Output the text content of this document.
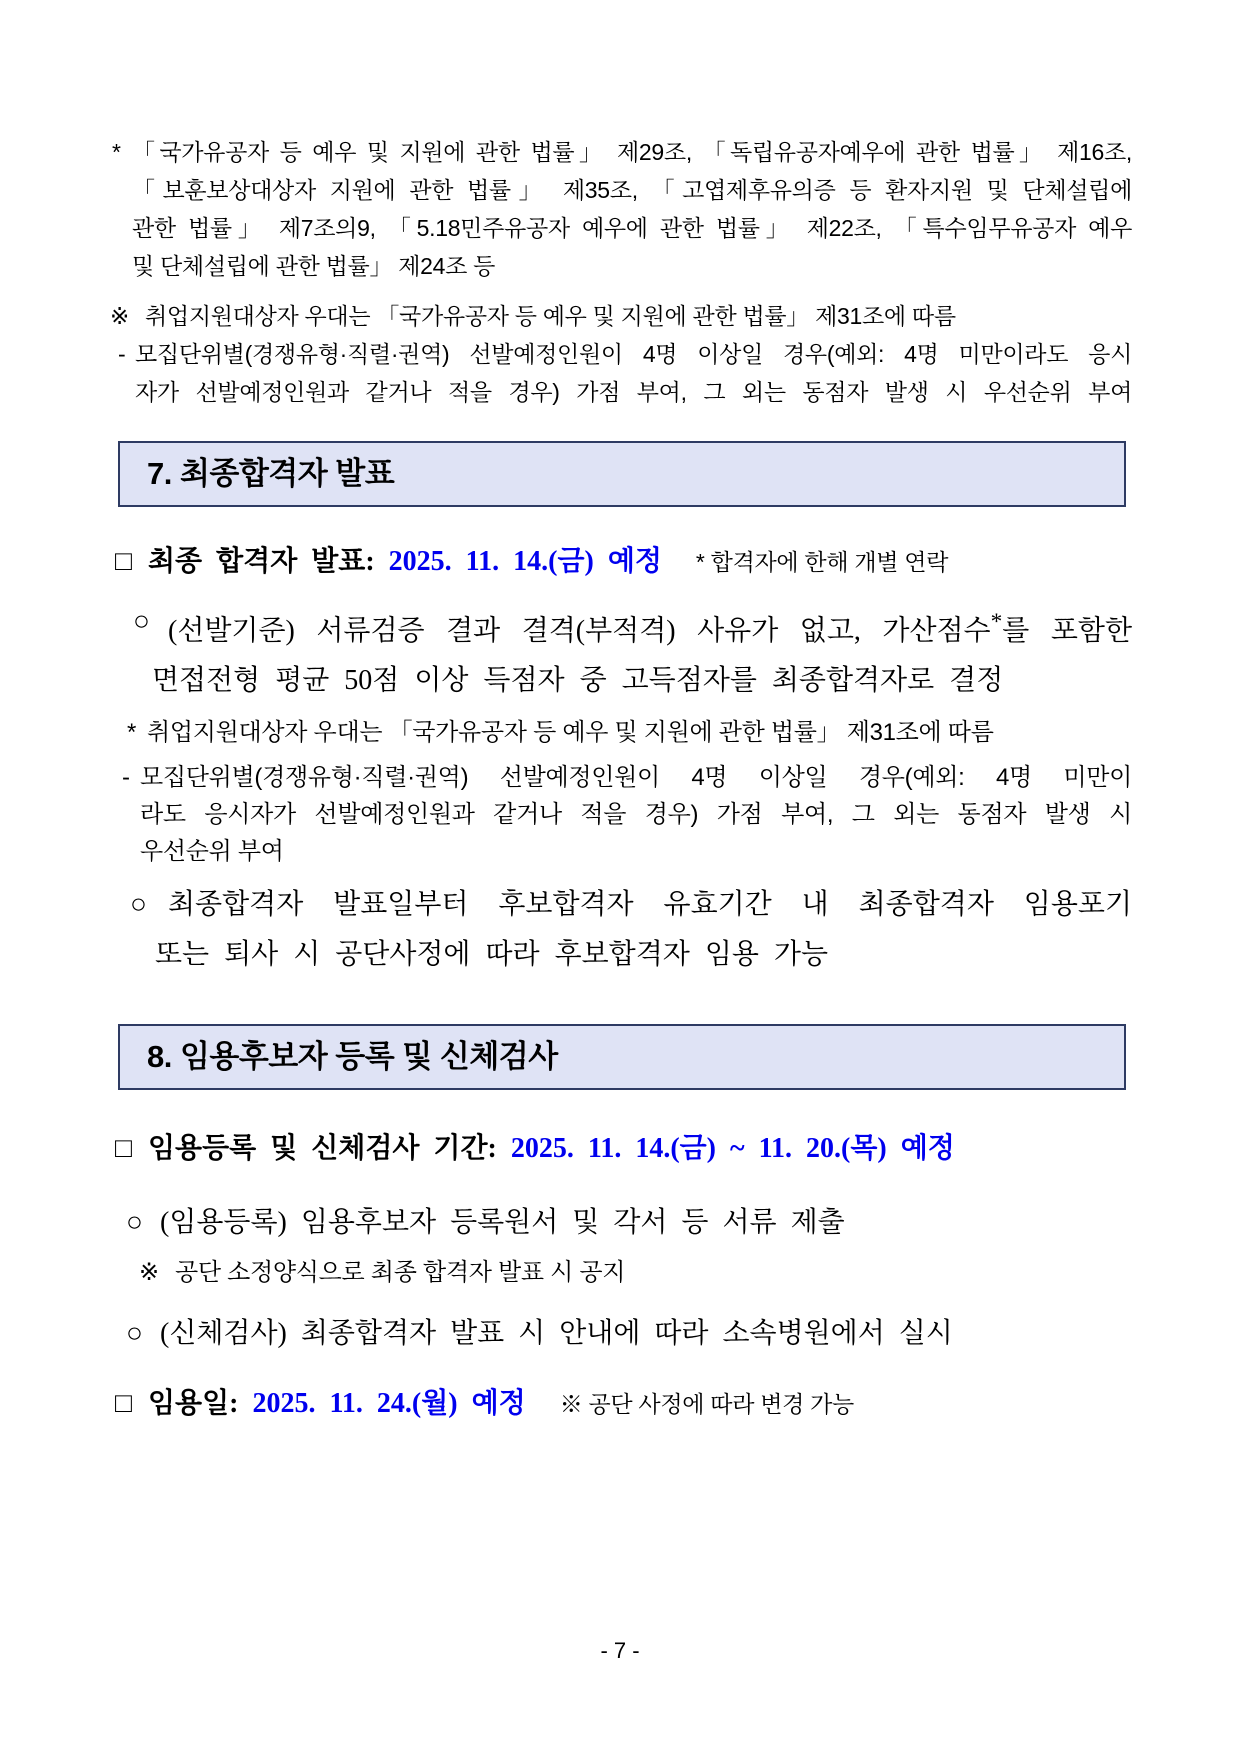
* 「국가유공자 등 예우 및 지원에 관한 법률」 제29조, 「독립유공자예우에 관한 법률」 제16조,
「보훈보상대상자 지원에 관한 법률」 제35조, 「고엽제후유의증 등 환자지원 및 단체설립에
관한 법률」 제7조의9, 「5.18민주유공자 예우에 관한 법률」 제22조, 「특수임무유공자 예우
및 단체설립에 관한 법률」 제24조 등
※ 취업지원대상자 우대는 「국가유공자 등 예우 및 지원에 관한 법률」 제31조에 따름
- 모집단위별(경쟁유형·직렬·권역) 선발예정인원이 4명 이상일 경우(예외: 4명 미만이라도 응시
자가 선발예정인원과 같거나 적을 경우) 가점 부여, 그 외는 동점자 발생 시 우선순위 부여
7. 최종합격자 발표
□ 최종 합격자 발표: 2025. 11. 14.(금) 예정 * 합격자에 한해 개별 연락
○ (선발기준) 서류검증 결과 결격(부적격) 사유가 없고, 가산점수*를 포함한
면접전형 평균 50점 이상 득점자 중 고득점자를 최종합격자로 결정
* 취업지원대상자 우대는 「국가유공자 등 예우 및 지원에 관한 법률」 제31조에 따름
- 모집단위별(경쟁유형·직렬·권역) 선발예정인원이 4명 이상일 경우(예외: 4명 미만이
라도 응시자가 선발예정인원과 같거나 적을 경우) 가점 부여, 그 외는 동점자 발생 시
우선순위 부여
○ 최종합격자 발표일부터 후보합격자 유효기간 내 최종합격자 임용포기
또는 퇴사 시 공단사정에 따라 후보합격자 임용 가능
8. 임용후보자 등록 및 신체검사
□ 임용등록 및 신체검사 기간: 2025. 11. 14.(금) ~ 11. 20.(목) 예정
○ (임용등록) 임용후보자 등록원서 및 각서 등 서류 제출
※ 공단 소정양식으로 최종 합격자 발표 시 공지
○ (신체검사) 최종합격자 발표 시 안내에 따라 소속병원에서 실시
□ 임용일: 2025. 11. 24.(월) 예정 ※ 공단 사정에 따라 변경 가능
- 7 -
